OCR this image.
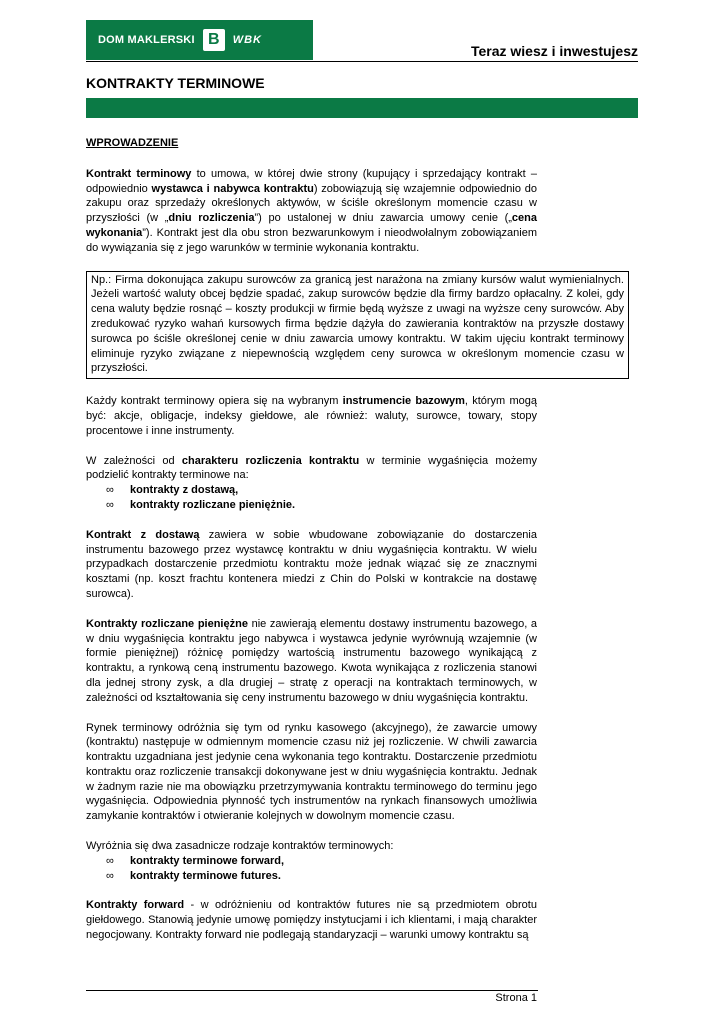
DOM MAKLERSKI B	WBK
Teraz wiesz i inwestujesz
KONTRAKTY TERMINOWE

WPROWADZENIE

Kontrakt terminowy to umowa, w której dwie strony (kupujący i sprzedający kontrakt – odpowiednio wystawca i nabywca kontraktu) zobowiązują się wzajemnie odpowiednio do zakupu oraz sprzedaży określonych aktywów, w ściśle określonym momencie czasu w przyszłości (w „dniu rozliczenia”) po ustalonej w dniu zawarcia umowy cenie („cena wykonania”). Kontrakt jest dla obu stron bezwarunkowym i nieodwołalnym zobowiązaniem do wywiązania się z jego warunków w terminie wykonania kontraktu.

Np.: Firma dokonująca zakupu surowców za granicą jest narażona na zmiany kursów walut wymienialnych. Jeżeli wartość waluty obcej będzie spadać, zakup surowców będzie dla firmy bardzo opłacalny. Z kolei, gdy cena waluty będzie rosnąć – koszty produkcji w firmie będą wyższe z uwagi na wyższe ceny surowców. Aby zredukować ryzyko wahań kursowych firma będzie dążyła do zawierania kontraktów na przyszłe dostawy surowca po ściśle określonej cenie w dniu zawarcia umowy kontraktu. W takim ujęciu kontrakt terminowy eliminuje ryzyko związane z niepewnością względem ceny surowca w określonym momencie czasu w przyszłości.

Każdy kontrakt terminowy opiera się na wybranym instrumencie bazowym, którym mogą być: akcje, obligacje, indeksy giełdowe, ale również: waluty, surowce, towary, stopy procentowe i inne instrumenty.

W zależności od charakteru rozliczenia kontraktu w terminie wygaśnięcia możemy podzielić kontrakty terminowe na:

∞ kontrakty z dostawą,
∞ kontrakty rozliczane pieniężnie.

Kontrakt z dostawą zawiera w sobie wbudowane zobowiązanie do dostarczenia instrumentu bazowego przez wystawcę kontraktu w dniu wygaśnięcia kontraktu. W wielu przypadkach dostarczenie przedmiotu kontraktu może jednak wiązać się ze znacznymi kosztami (np. koszt frachtu kontenera miedzi z Chin do Polski w kontrakcie na dostawę surowca).

Kontrakty rozliczane pieniężne nie zawierają elementu dostawy instrumentu bazowego, a w dniu wygaśnięcia kontraktu jego nabywca i wystawca jedynie wyrównują wzajemnie (w formie pieniężnej) różnicę pomiędzy wartością instrumentu bazowego wynikającą z kontraktu, a rynkową ceną instrumentu bazowego. Kwota wynikająca z rozliczenia stanowi dla jednej strony zysk, a dla drugiej – stratę z operacji na kontraktach terminowych, w zależności od kształtowania się ceny instrumentu bazowego w dniu wygaśnięcia kontraktu.

Rynek terminowy odróżnia się tym od rynku kasowego (akcyjnego), że zawarcie umowy (kontraktu) następuje w odmiennym momencie czasu niż jej rozliczenie. W chwili zawarcia kontraktu uzgadniana jest jedynie cena wykonania tego kontraktu. Dostarczenie przedmiotu kontraktu oraz rozliczenie transakcji dokonywane jest w dniu wygaśnięcia kontraktu. Jednak w żadnym razie nie ma obowiązku przetrzymywania kontraktu terminowego do terminu jego wygaśnięcia. Odpowiednia płynność tych instrumentów na rynkach finansowych umożliwia zamykanie kontraktów i otwieranie kolejnych w dowolnym momencie czasu.

Wyróżnia się dwa zasadnicze rodzaje kontraktów terminowych:

∞ kontrakty terminowe forward,
∞ kontrakty terminowe futures.

Kontrakty forward - w odróżnieniu od kontraktów futures nie są przedmiotem obrotu giełdowego. Stanowią jedynie umowę pomiędzy instytucjami i ich klientami, i mają charakter negocjowany. Kontrakty forward nie podlegają standaryzacji – warunki umowy kontraktu są

Strona 1
